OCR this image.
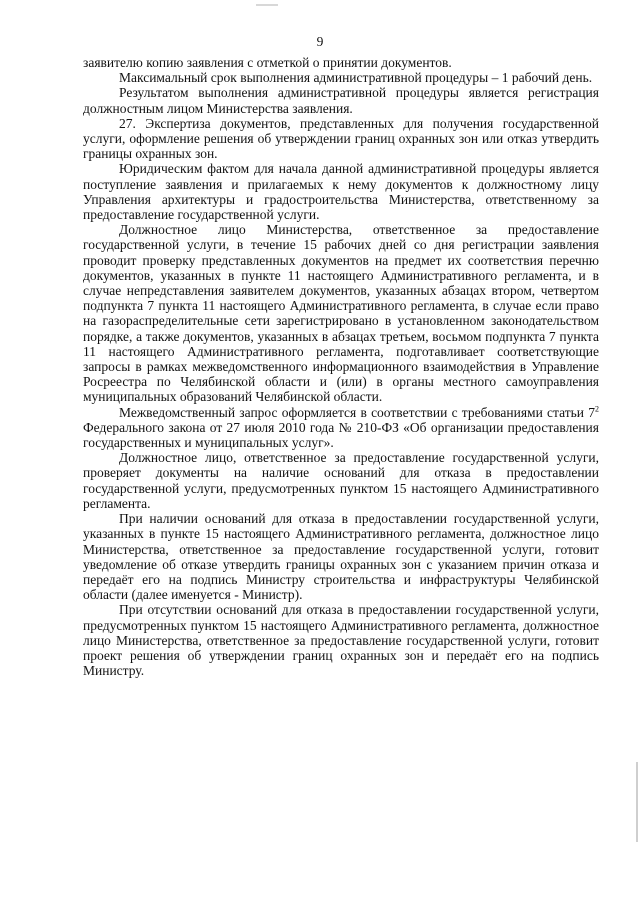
9

заявителю копию заявления с отметкой о принятии документов.

Максимальный срок выполнения административной процедуры – 1 рабочий день.

Результатом выполнения административной процедуры является регистрация должностным лицом Министерства заявления.

27. Экспертиза документов, представленных для получения государственной услуги, оформление решения об утверждении границ охранных зон или отказ утвердить границы охранных зон.

Юридическим фактом для начала данной административной процедуры является поступление заявления и прилагаемых к нему документов к должностному лицу Управления архитектуры и градостроительства Министерства, ответственному за предоставление государственной услуги.

Должностное лицо Министерства, ответственное за предоставление государственной услуги, в течение 15 рабочих дней со дня регистрации заявления проводит проверку представленных документов на предмет их соответствия перечню документов, указанных в пункте 11 настоящего Административного регламента, и в случае непредставления заявителем документов, указанных абзацах втором, четвертом подпункта 7 пункта 11 настоящего Административного регламента, в случае если право на газораспределительные сети зарегистрировано в установленном законодательством порядке, а также документов, указанных в абзацах третьем, восьмом подпункта 7 пункта 11 настоящего Административного регламента, подготавливает соответствующие запросы в рамках межведомственного информационного взаимодействия в Управление Росреестра по Челябинской области и (или) в органы местного самоуправления муниципальных образований Челябинской области.

Межведомственный запрос оформляется в соответствии с требованиями статьи $7^2$ Федерального закона от 27 июля 2010 года № 210-ФЗ «Об организации предоставления государственных и муниципальных услуг».

Должностное лицо, ответственное за предоставление государственной услуги, проверяет документы на наличие оснований для отказа в предоставлении государственной услуги, предусмотренных пунктом 15 настоящего Административного регламента.

При наличии оснований для отказа в предоставлении государственной услуги, указанных в пункте 15 настоящего Административного регламента, должностное лицо Министерства, ответственное за предоставление государственной услуги, готовит уведомление об отказе утвердить границы охранных зон с указанием причин отказа и передаёт его на подпись Министру строительства и инфраструктуры Челябинской области (далее именуется - Министр).

При отсутствии оснований для отказа в предоставлении государственной услуги, предусмотренных пунктом 15 настоящего Административного регламента, должностное лицо Министерства, ответственное за предоставление государственной услуги, готовит проект решения об утверждении границ охранных зон и передаёт его на подпись Министру.
